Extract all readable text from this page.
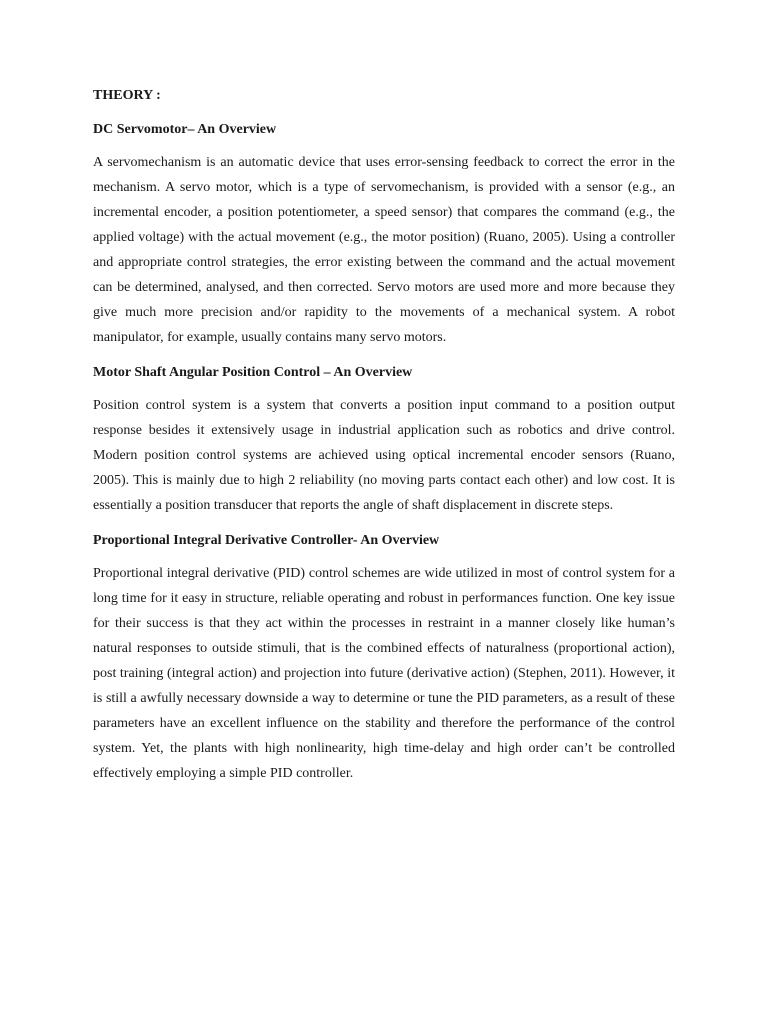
THEORY :

DC Servomotor– An Overview

A servomechanism is an automatic device that uses error-sensing feedback to correct the error in the mechanism. A servo motor, which is a type of servomechanism, is provided with a sensor (e.g., an incremental encoder, a position potentiometer, a speed sensor) that compares the command (e.g., the applied voltage) with the actual movement (e.g., the motor position) (Ruano, 2005). Using a controller and appropriate control strategies, the error existing between the command and the actual movement can be determined, analysed, and then corrected. Servo motors are used more and more because they give much more precision and/or rapidity to the movements of a mechanical system. A robot manipulator, for example, usually contains many servo motors.

Motor Shaft Angular Position Control – An Overview

Position control system is a system that converts a position input command to a position output response besides it extensively usage in industrial application such as robotics and drive control. Modern position control systems are achieved using optical incremental encoder sensors (Ruano, 2005). This is mainly due to high 2 reliability (no moving parts contact each other) and low cost. It is essentially a position transducer that reports the angle of shaft displacement in discrete steps.

Proportional Integral Derivative Controller- An Overview

Proportional integral derivative (PID) control schemes are wide utilized in most of control system for a long time for it easy in structure, reliable operating and robust in performances function. One key issue for their success is that they act within the processes in restraint in a manner closely like human’s natural responses to outside stimuli, that is the combined effects of naturalness (proportional action), post training (integral action) and projection into future (derivative action) (Stephen, 2011). However, it is still a awfully necessary downside a way to determine or tune the PID parameters, as a result of these parameters have an excellent influence on the stability and therefore the performance of the control system. Yet, the plants with high nonlinearity, high time-delay and high order can’t be controlled effectively employing a simple PID controller.
